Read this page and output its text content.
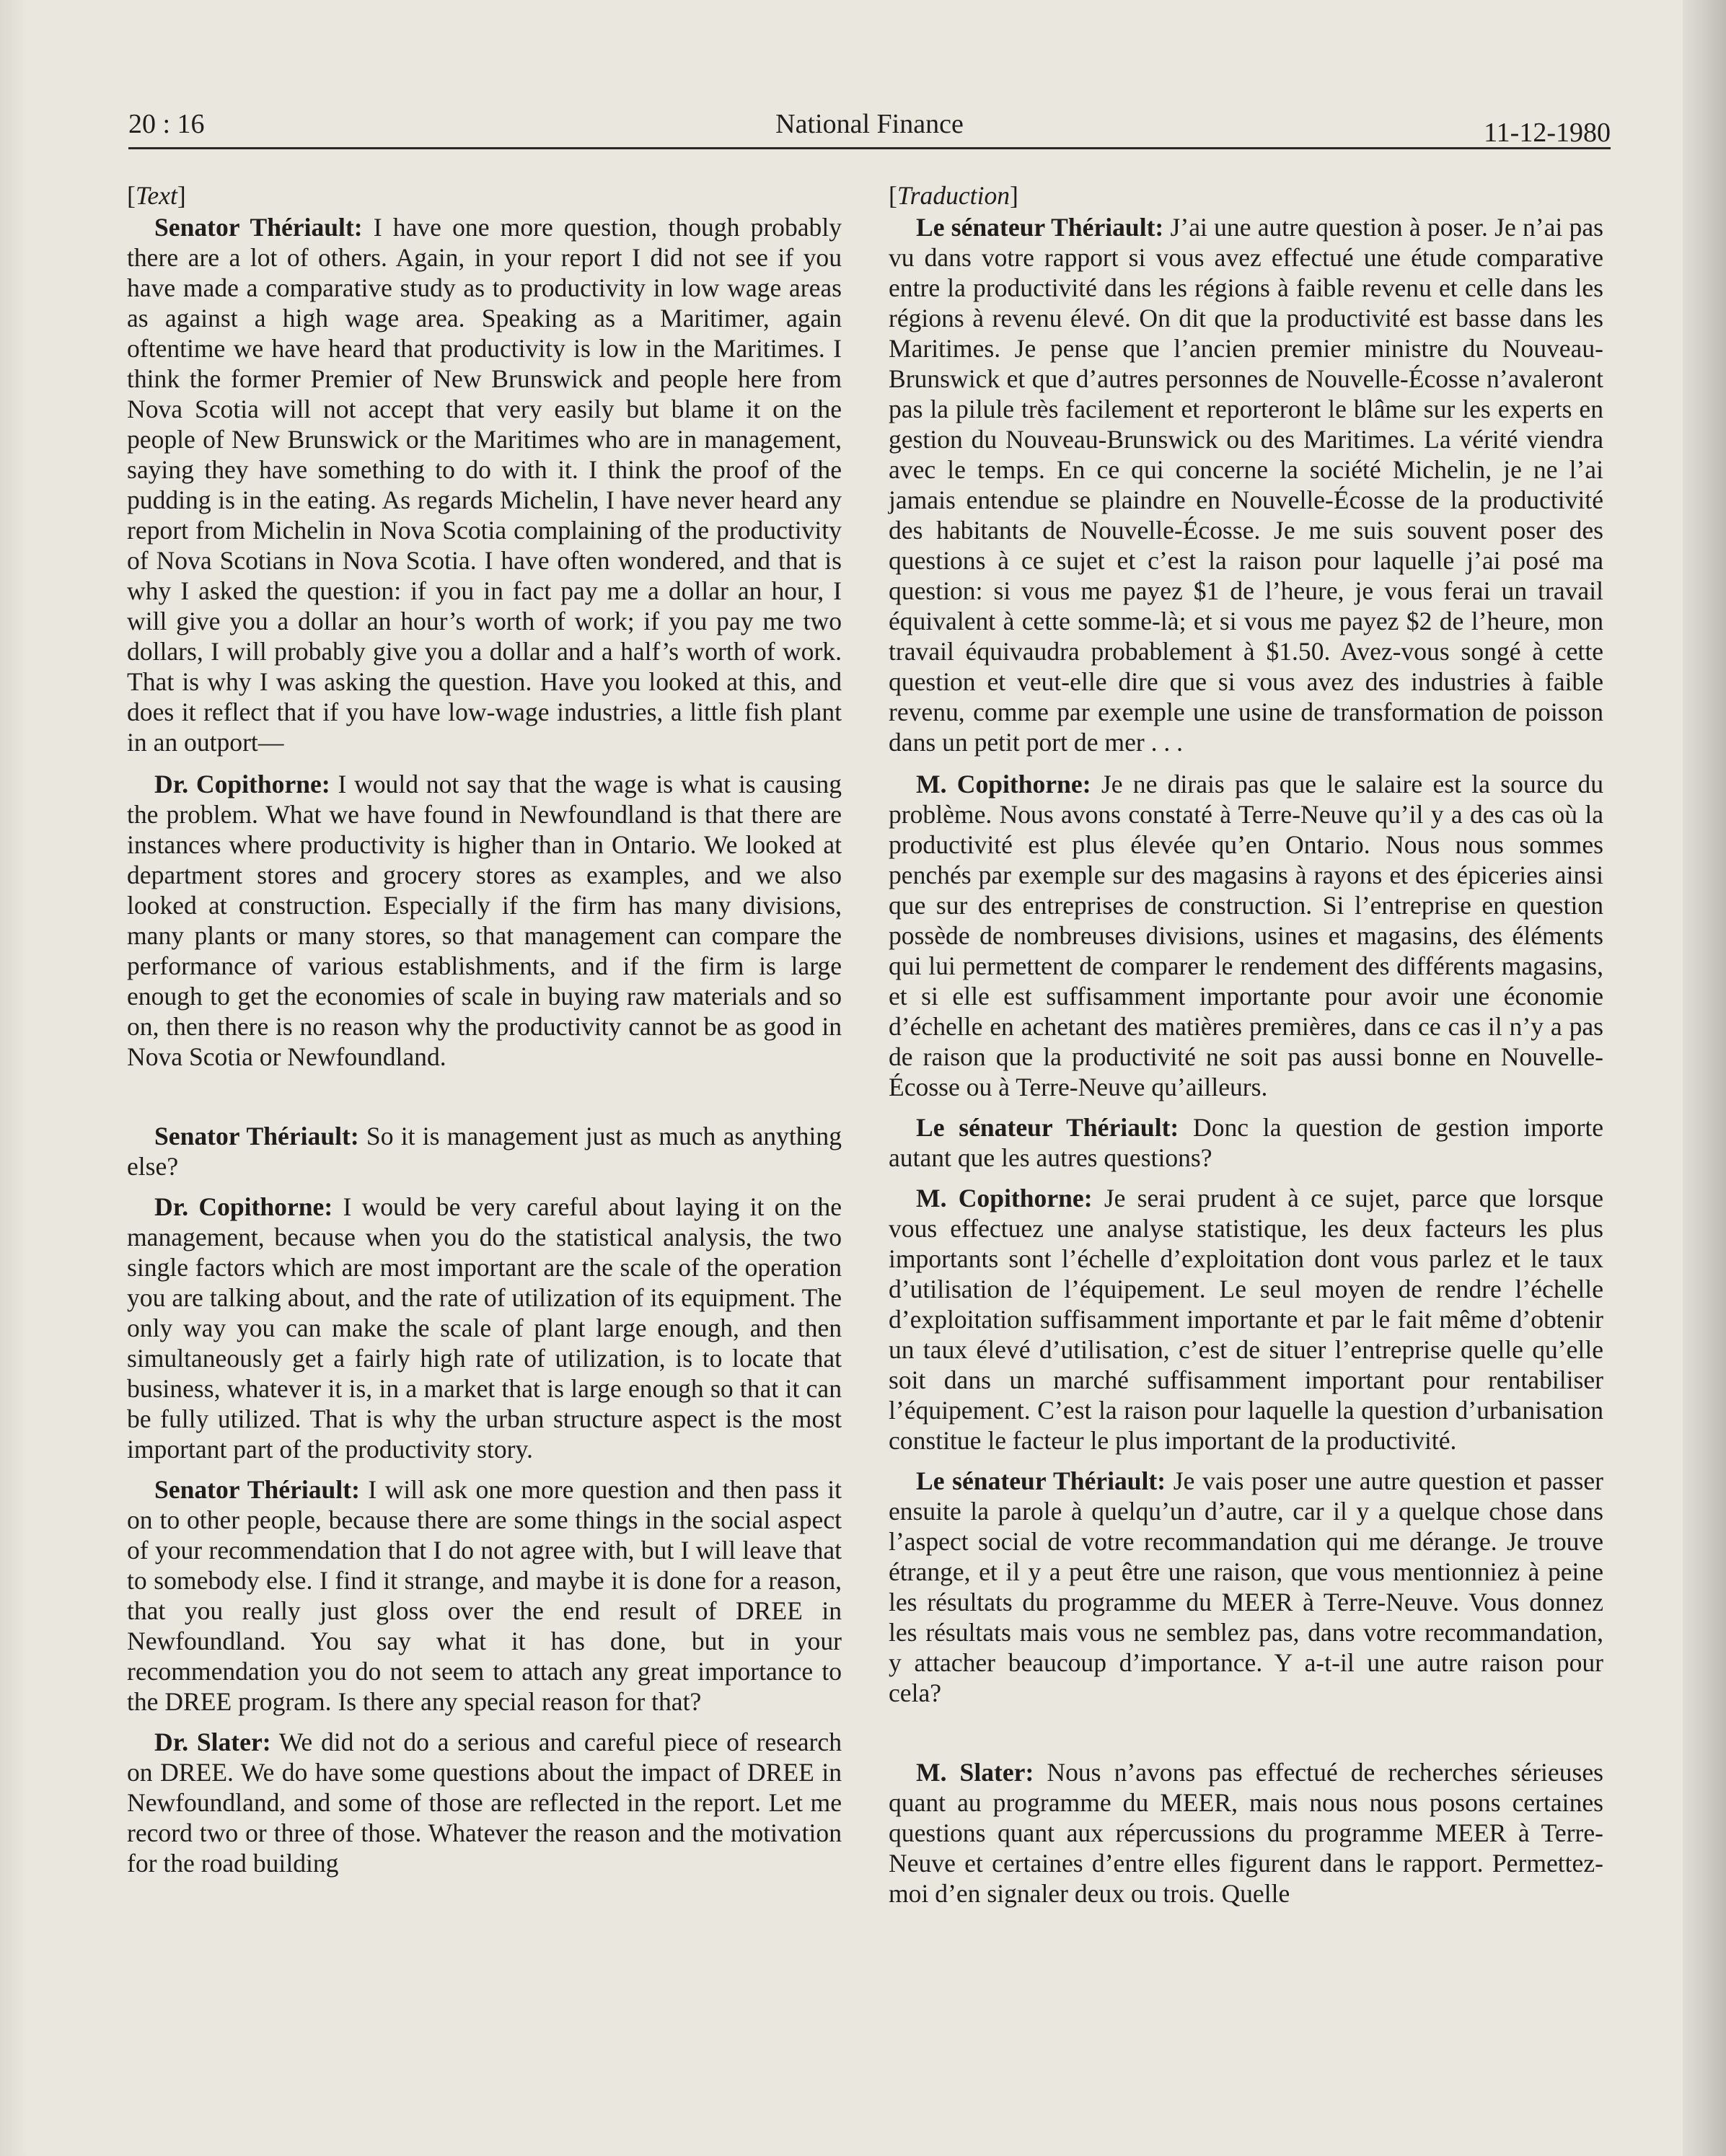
20 : 16	National Finance	11-12-1980

[Text]

Senator Thériault: I have one more question, though probably there are a lot of others. Again, in your report I did not see if you have made a comparative study as to productivity in low wage areas as against a high wage area. Speaking as a Maritimer, again oftentime we have heard that productivity is low in the Maritimes. I think the former Premier of New Brunswick and people here from Nova Scotia will not accept that very easily but blame it on the people of New Brunswick or the Maritimes who are in management, saying they have something to do with it. I think the proof of the pudding is in the eating. As regards Michelin, I have never heard any report from Michelin in Nova Scotia complaining of the productivity of Nova Scotians in Nova Scotia. I have often wondered, and that is why I asked the question: if you in fact pay me a dollar an hour, I will give you a dollar an hour’s worth of work; if you pay me two dollars, I will probably give you a dollar and a half’s worth of work. That is why I was asking the question. Have you looked at this, and does it reflect that if you have low-wage industries, a little fish plant in an outport—

Dr. Copithorne: I would not say that the wage is what is causing the problem. What we have found in Newfoundland is that there are instances where productivity is higher than in Ontario. We looked at department stores and grocery stores as examples, and we also looked at construction. Especially if the firm has many divisions, many plants or many stores, so that management can compare the performance of various establishments, and if the firm is large enough to get the economies of scale in buying raw materials and so on, then there is no reason why the productivity cannot be as good in Nova Scotia or Newfoundland.

Senator Thériault: So it is management just as much as anything else?

Dr. Copithorne: I would be very careful about laying it on the management, because when you do the statistical analysis, the two single factors which are most important are the scale of the operation you are talking about, and the rate of utilization of its equipment. The only way you can make the scale of plant large enough, and then simultaneously get a fairly high rate of utilization, is to locate that business, whatever it is, in a market that is large enough so that it can be fully utilized. That is why the urban structure aspect is the most important part of the productivity story.

Senator Thériault: I will ask one more question and then pass it on to other people, because there are some things in the social aspect of your recommendation that I do not agree with, but I will leave that to somebody else. I find it strange, and maybe it is done for a reason, that you really just gloss over the end result of DREE in Newfoundland. You say what it has done, but in your recommendation you do not seem to attach any great importance to the DREE program. Is there any special reason for that?

Dr. Slater: We did not do a serious and careful piece of research on DREE. We do have some questions about the impact of DREE in Newfoundland, and some of those are reflected in the report. Let me record two or three of those. Whatever the reason and the motivation for the road building

[Traduction]

Le sénateur Thériault: J’ai une autre question à poser. Je n’ai pas vu dans votre rapport si vous avez effectué une étude comparative entre la productivité dans les régions à faible revenu et celle dans les régions à revenu élevé. On dit que la productivité est basse dans les Maritimes. Je pense que l’ancien premier ministre du Nouveau-Brunswick et que d’autres personnes de Nouvelle-Écosse n’avaleront pas la pilule très facilement et reporteront le blâme sur les experts en gestion du Nouveau-Brunswick ou des Maritimes. La vérité viendra avec le temps. En ce qui concerne la société Michelin, je ne l’ai jamais entendue se plaindre en Nouvelle-Écosse de la productivité des habitants de Nouvelle-Écosse. Je me suis souvent poser des questions à ce sujet et c’est la raison pour laquelle j’ai posé ma question: si vous me payez $1 de l’heure, je vous ferai un travail équivalent à cette somme-là; et si vous me payez $2 de l’heure, mon travail équivaudra probablement à $1.50. Avez-vous songé à cette question et veut-elle dire que si vous avez des industries à faible revenu, comme par exemple une usine de transformation de poisson dans un petit port de mer . . .

M. Copithorne: Je ne dirais pas que le salaire est la source du problème. Nous avons constaté à Terre-Neuve qu’il y a des cas où la productivité est plus élevée qu’en Ontario. Nous nous sommes penchés par exemple sur des magasins à rayons et des épiceries ainsi que sur des entreprises de construction. Si l’entreprise en question possède de nombreuses divisions, usines et magasins, des éléments qui lui permettent de comparer le rendement des différents magasins, et si elle est suffisamment importante pour avoir une économie d’échelle en achetant des matières premières, dans ce cas il n’y a pas de raison que la productivité ne soit pas aussi bonne en Nouvelle-Écosse ou à Terre-Neuve qu’ailleurs.

Le sénateur Thériault: Donc la question de gestion importe autant que les autres questions?

M. Copithorne: Je serai prudent à ce sujet, parce que lorsque vous effectuez une analyse statistique, les deux facteurs les plus importants sont l’échelle d’exploitation dont vous parlez et le taux d’utilisation de l’équipement. Le seul moyen de rendre l’échelle d’exploitation suffisamment importante et par le fait même d’obtenir un taux élevé d’utilisation, c’est de situer l’entreprise quelle qu’elle soit dans un marché suffisamment important pour rentabiliser l’équipement. C’est la raison pour laquelle la question d’urbanisation constitue le facteur le plus important de la productivité.

Le sénateur Thériault: Je vais poser une autre question et passer ensuite la parole à quelqu’un d’autre, car il y a quelque chose dans l’aspect social de votre recommandation qui me dérange. Je trouve étrange, et il y a peut être une raison, que vous mentionniez à peine les résultats du programme du MEER à Terre-Neuve. Vous donnez les résultats mais vous ne semblez pas, dans votre recommandation, y attacher beaucoup d’importance. Y a-t-il une autre raison pour cela?

M. Slater: Nous n’avons pas effectué de recherches sérieuses quant au programme du MEER, mais nous nous posons certaines questions quant aux répercussions du programme MEER à Terre-Neuve et certaines d’entre elles figurent dans le rapport. Permettez-moi d’en signaler deux ou trois. Quelle
